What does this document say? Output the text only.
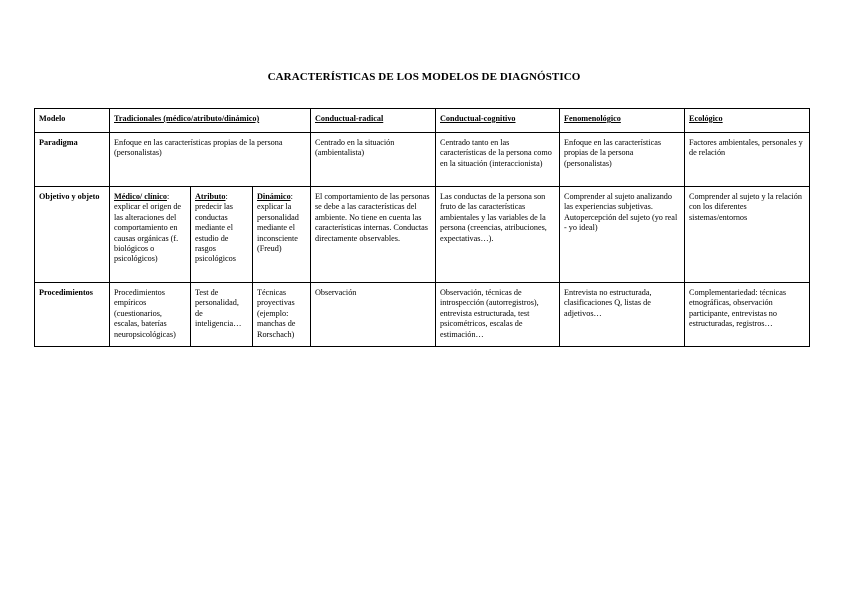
CARACTERÍSTICAS DE LOS MODELOS DE DIAGNÓSTICO
Modelo	Tradicionales (médico/atributo/dinámico)			Conductual-radical	Conductual-cognitivo	Fenomenológico	Ecológico
Paradigma	Enfoque en las características propias de la persona (personalistas)			Centrado en la situación (ambientalista)	Centrado tanto en las características de la persona como en la situación (interaccionista)	Enfoque en las características propias de la persona (personalistas)	Factores ambientales, personales y de relación
Objetivo y objeto	Médico/ clínico: explicar el origen de las alteraciones del comportamiento en causas orgánicas (f. biológicos o psicológicos)	Atributo: predecir las conductas mediante el estudio de rasgos psicológicos	Dinámico: explicar la personalidad mediante el inconsciente (Freud)	El comportamiento de las personas se debe a las características del ambiente. No tiene en cuenta las características internas. Conductas directamente observables.	Las conductas de la persona son fruto de las características ambientales y las variables de la persona (creencias, atribuciones, expectativas…).	Comprender al sujeto analizando las experiencias subjetivas. Autopercepción del sujeto (yo real - yo ideal)	Comprender al sujeto y la relación con los diferentes sistemas/entornos
Procedimientos	Procedimientos empíricos (cuestionarios, escalas, baterías neuropsicológicas)	Test de personalidad, de inteligencia…	Técnicas proyectivas (ejemplo: manchas de Rorschach)	Observación	Observación, técnicas de introspección (autorregistros), entrevista estructurada, test psicométricos, escalas de estimación…	Entrevista no estructurada, clasificaciones Q, listas de adjetivos…	Complementariedad: técnicas etnográficas, observación participante, entrevistas no estructuradas, registros…
